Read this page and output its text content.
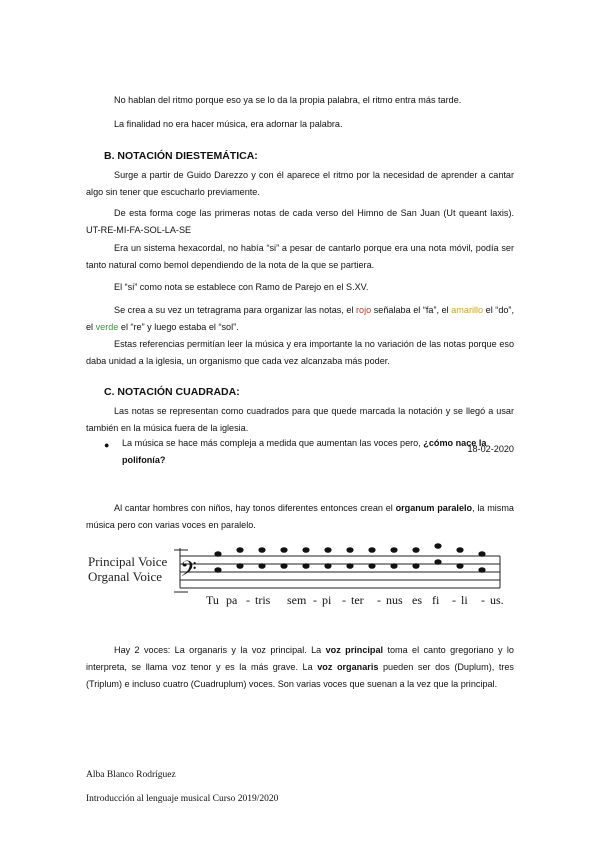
No hablan del ritmo porque eso ya se lo da la propia palabra, el ritmo entra más tarde.
La finalidad no era hacer música, era adornar la palabra.
B. NOTACIÓN DIESTEMÁTICA:
Surge a partir de Guido Darezzo y con él aparece el ritmo por la necesidad de aprender a cantar algo sin tener que escucharlo previamente.
De esta forma coge las primeras notas de cada verso del Himno de San Juan (Ut queant laxis). UT-RE-MI-FA-SOL-LA-SE
Era un sistema hexacordal, no había “si” a pesar de cantarlo porque era una nota móvil, podía ser tanto natural como bemol dependiendo de la nota de la que se partiera.
El “si” como nota se establece con Ramo de Parejo en el S.XV.
Se crea a su vez un tetragrama para organizar las notas, el rojo señalaba el “fa”, el amarillo el “do”, el verde el “re” y luego estaba el “sol”.
Estas referencias permitían leer la música y era importante la no variación de las notas porque eso daba unidad a la iglesia, un organismo que cada vez alcanzaba más poder.
C. NOTACIÓN CUADRADA:
Las notas se representan como cuadrados para que quede marcada la notación y se llegó a usar también en la música fuera de la iglesia.
18-02-2020
● La música se hace más compleja a medida que aumentan las voces pero, ¿cómo nace la polifonía?
Al cantar hombres con niños, hay tonos diferentes entonces crean el organum paralelo, la misma música pero con varias voces en paralelo.
Principal Voice
Organal Voice 𝄢
Tu pa - tris sem - pi - ter - nus es fi - li - us.
Hay 2 voces: La organaris y la voz principal. La voz principal toma el canto gregoriano y lo interpreta, se llama voz tenor y es la más grave. La voz organaris pueden ser dos (Duplum), tres (Triplum) e incluso cuatro (Cuadruplum) voces. Son varias voces que suenan a la vez que la principal.
Alba Blanco Rodríguez
Introducción al lenguaje musical Curso 2019/2020
